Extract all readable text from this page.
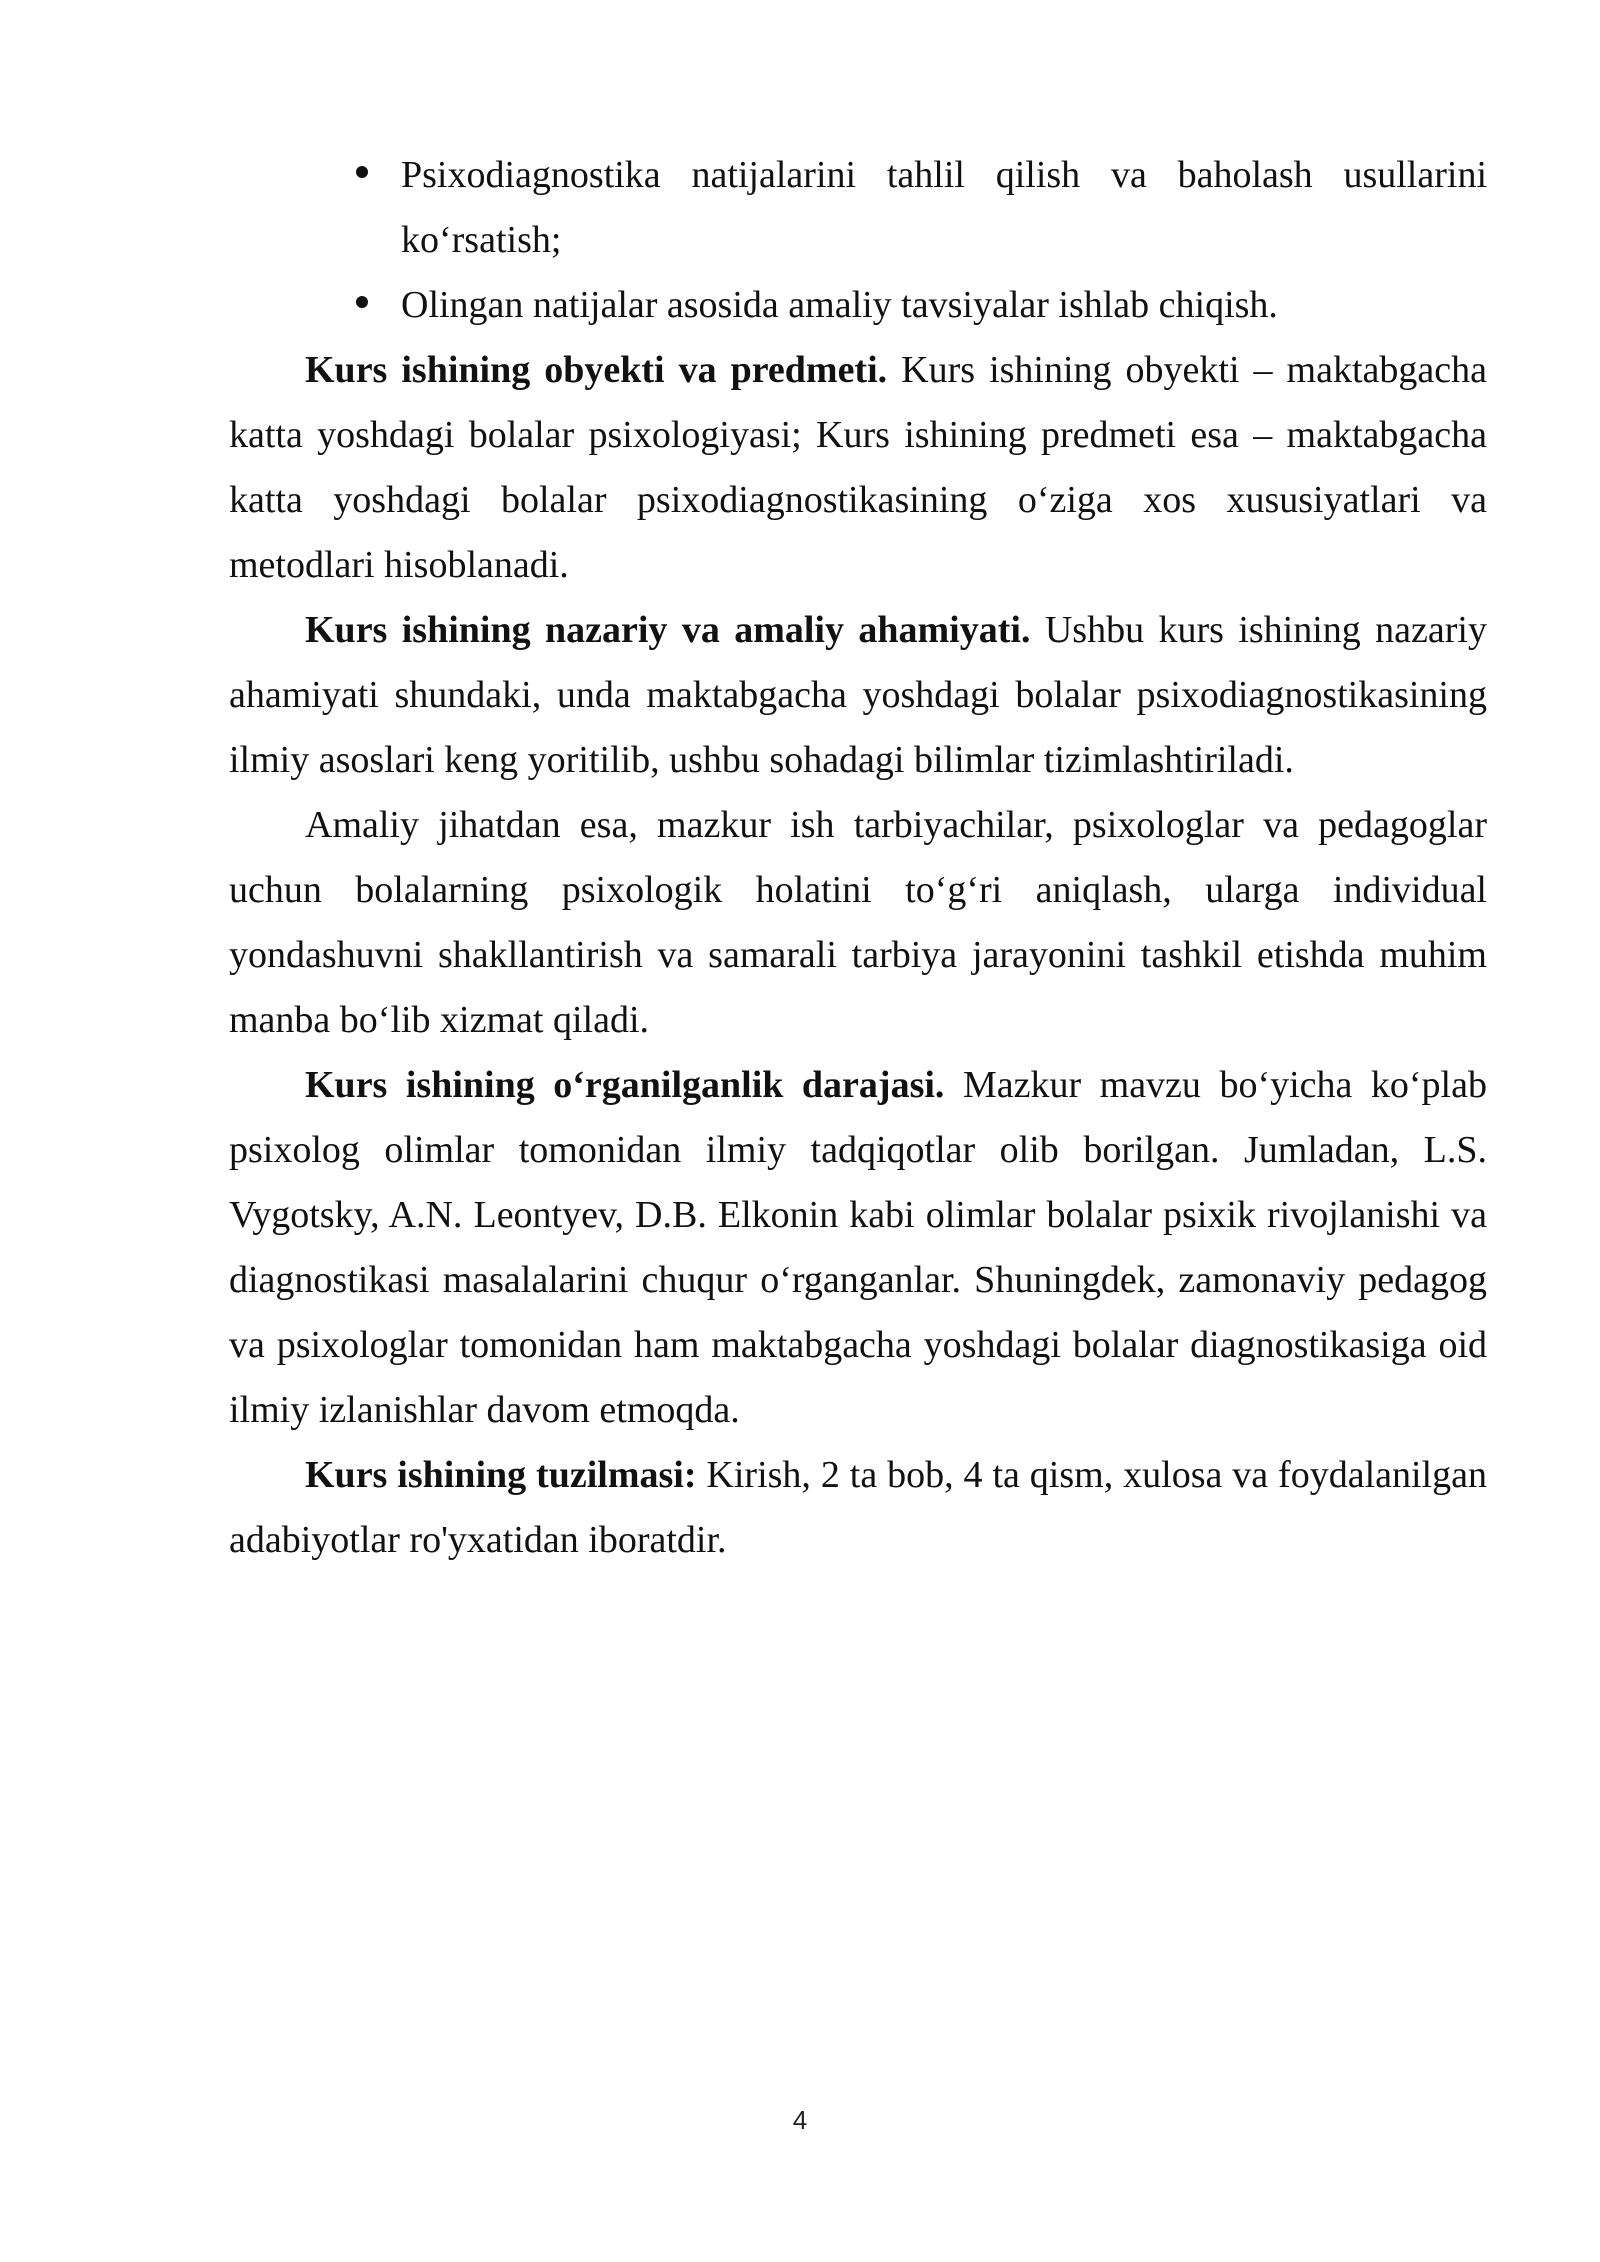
Psixodiagnostika natijalarini tahlil qilish va baholash usullarini ko‘rsatish;
Olingan natijalar asosida amaliy tavsiyalar ishlab chiqish.

Kurs ishining obyekti va predmeti. Kurs ishining obyekti – maktabgacha katta yoshdagi bolalar psixologiyasi; Kurs ishining predmeti esa – maktabgacha katta yoshdagi bolalar psixodiagnostikasining o‘ziga xos xususiyatlari va metodlari hisoblanadi.

Kurs ishining nazariy va amaliy ahamiyati. Ushbu kurs ishining nazariy ahamiyati shundaki, unda maktabgacha yoshdagi bolalar psixodiagnostikasining ilmiy asoslari keng yoritilib, ushbu sohadagi bilimlar tizimlashtiriladi.

Amaliy jihatdan esa, mazkur ish tarbiyachilar, psixologlar va pedagoglar uchun bolalarning psixologik holatini to‘g‘ri aniqlash, ularga individual yondashuvni shakllantirish va samarali tarbiya jarayonini tashkil etishda muhim manba bo‘lib xizmat qiladi.

Kurs ishining o‘rganilganlik darajasi. Mazkur mavzu bo‘yicha ko‘plab psixolog olimlar tomonidan ilmiy tadqiqotlar olib borilgan. Jumladan, L.S. Vygotsky, A.N. Leontyev, D.B. Elkonin kabi olimlar bolalar psixik rivojlanishi va diagnostikasi masalalarini chuqur o‘rganganlar. Shuningdek, zamonaviy pedagog va psixologlar tomonidan ham maktabgacha yoshdagi bolalar diagnostikasiga oid ilmiy izlanishlar davom etmoqda.

Kurs ishining tuzilmasi: Kirish, 2 ta bob, 4 ta qism, xulosa va foydalanilgan adabiyotlar ro'yxatidan iboratdir.

4
